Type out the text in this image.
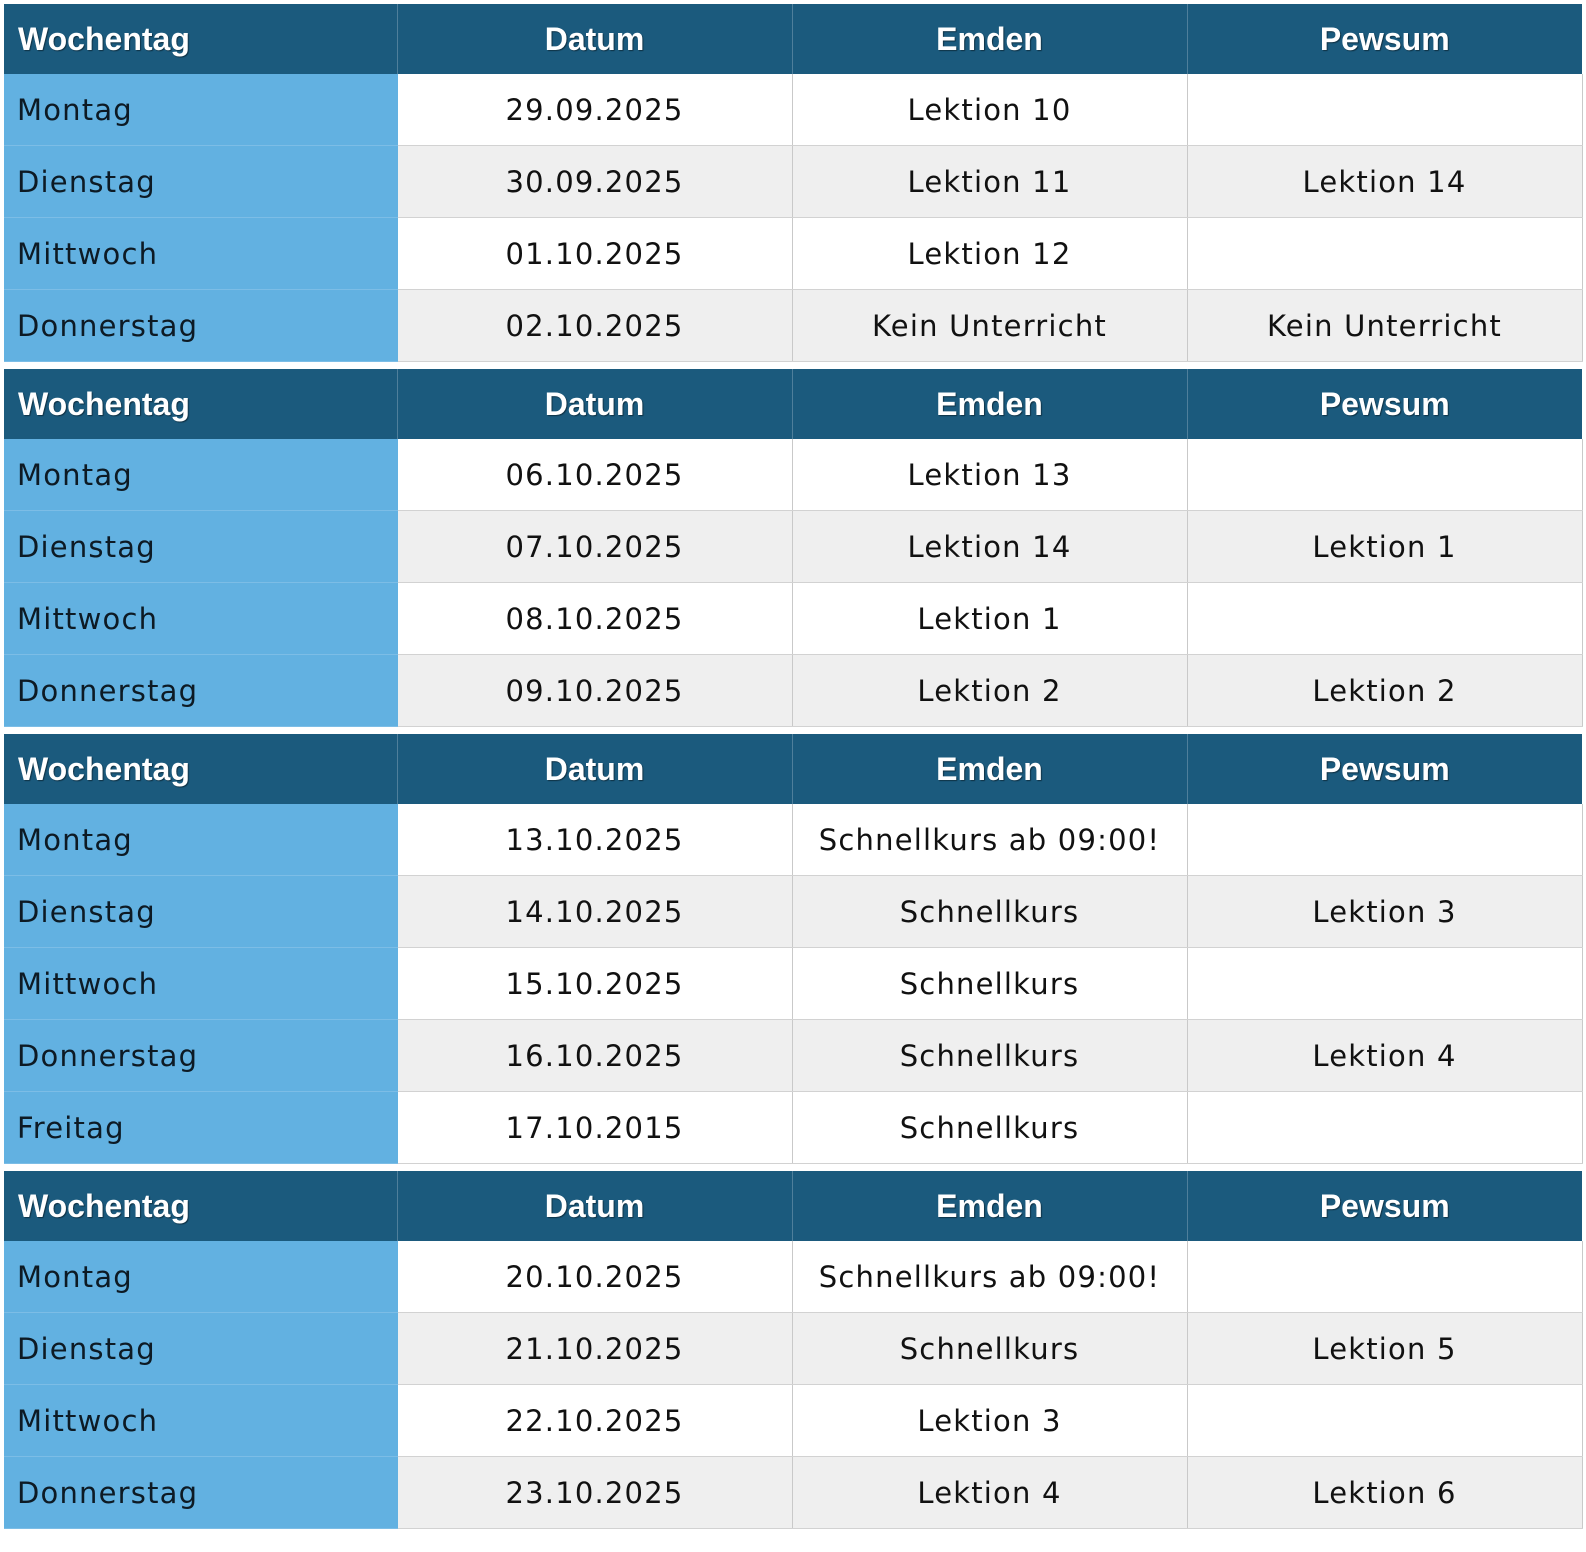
Wochentag	Datum	Emden	Pewsum
Montag	29.09.2025	Lektion 10	
Dienstag	30.09.2025	Lektion 11	Lektion 14
Mittwoch	01.10.2025	Lektion 12	
Donnerstag	02.10.2025	Kein Unterricht	Kein Unterricht
Wochentag	Datum	Emden	Pewsum
Montag	06.10.2025	Lektion 13	
Dienstag	07.10.2025	Lektion 14	Lektion 1
Mittwoch	08.10.2025	Lektion 1	
Donnerstag	09.10.2025	Lektion 2	Lektion 2
Wochentag	Datum	Emden	Pewsum
Montag	13.10.2025	Schnellkurs ab 09:00!	
Dienstag	14.10.2025	Schnellkurs	Lektion 3
Mittwoch	15.10.2025	Schnellkurs	
Donnerstag	16.10.2025	Schnellkurs	Lektion 4
Freitag	17.10.2015	Schnellkurs	
Wochentag	Datum	Emden	Pewsum
Montag	20.10.2025	Schnellkurs ab 09:00!	
Dienstag	21.10.2025	Schnellkurs	Lektion 5
Mittwoch	22.10.2025	Lektion 3	
Donnerstag	23.10.2025	Lektion 4	Lektion 6
